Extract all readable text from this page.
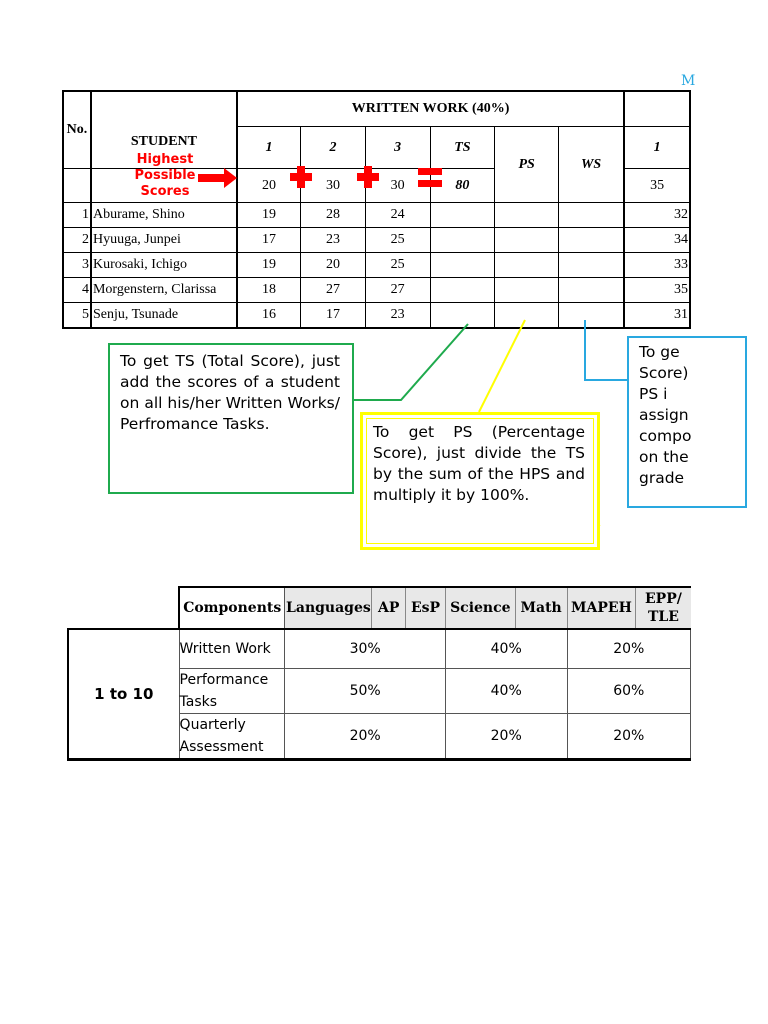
M
No.	STUDENT	WRITTEN WORK (40%)						
		1	2	3	TS	PS	WS	1
		20	30	30	80			35
1	Aburame, Shino	19	28	24				32
2	Hyuuga, Junpei	17	23	25				34
3	Kurosaki, Ichigo	19	20	25				33
4	Morgenstern, Clarissa	18	27	27				35
5	Senju, Tsunade	16	17	23				31
Highest Possible Scores
To get TS (Total Score), just add the scores of a student on all his/her Written Works/ Perfromance Tasks.	To get PS (Percentage Score), just divide the TS by the sum of the HPS and multiply it by 100%.
To ge
Score)
PS i
assign
compo
on the
grade
	Components	Languages	AP	EsP	Science	Math	MAPEH	EPP/ TLE
1 to 10	Written Work	30%			40%		20%	
	Performance Tasks	50%			40%		60%	
	Quarterly Assessment	20%			20%		20%	
